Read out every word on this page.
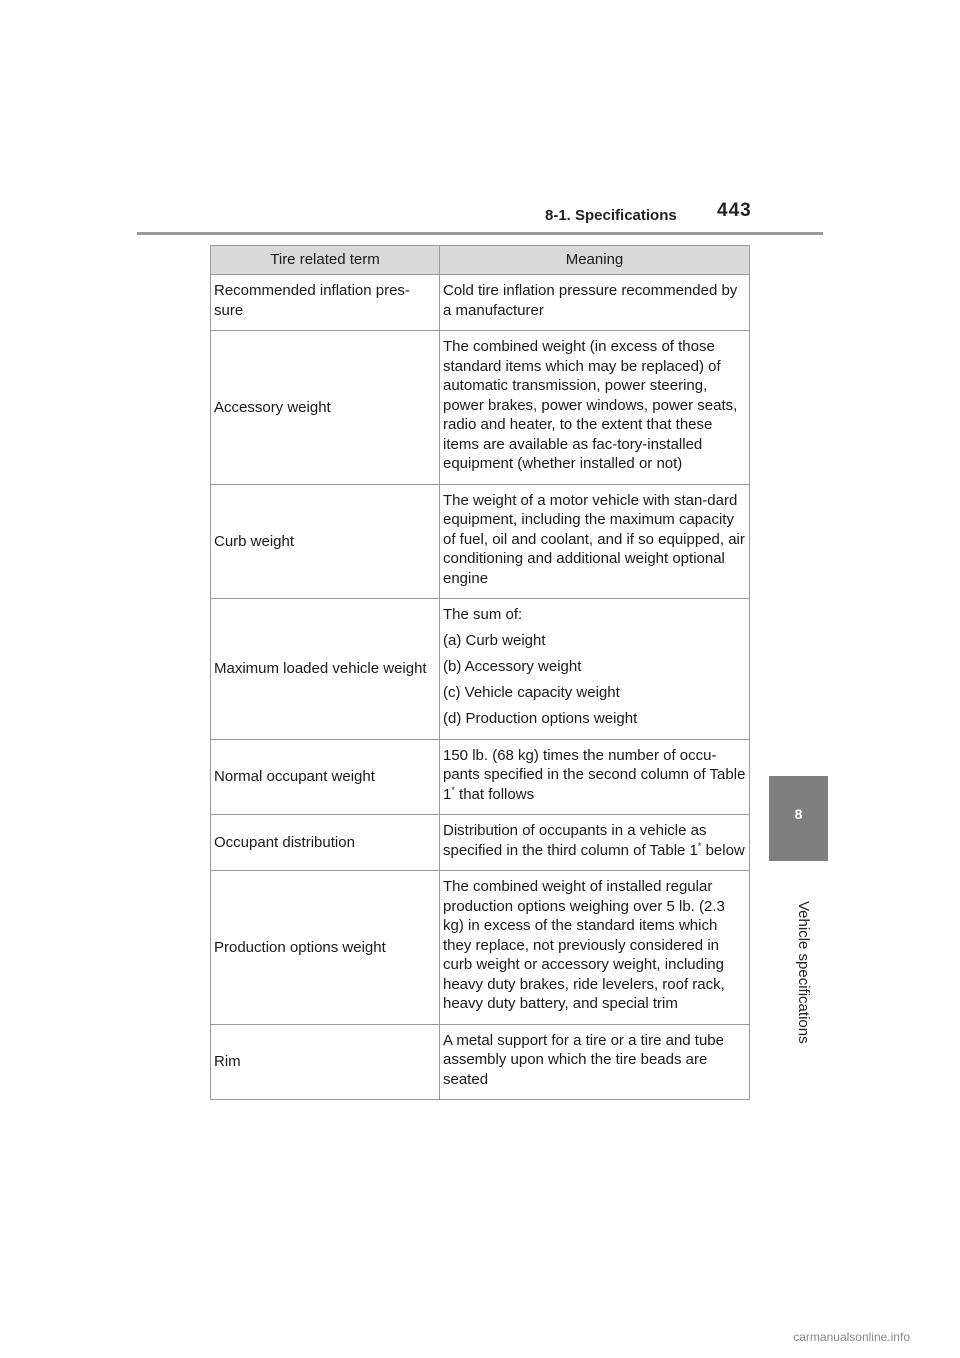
8-1. Specifications 443
8
Vehicle specifications
Tire related term	Meaning
Recommended inflation pres-
sure	Cold tire inflation pressure recommended by a manufacturer
Accessory weight	The combined weight (in excess of those standard items which may be replaced) of automatic transmission, power steering, power brakes, power windows, power seats, radio and heater, to the extent that these items are available as fac-tory-installed equipment (whether installed or not)
Curb weight	The weight of a motor vehicle with stan-dard equipment, including the maximum capacity of fuel, oil and coolant, and if so equipped, air conditioning and additional weight optional engine
Maximum loaded vehicle weight	The sum of:
(a) Curb weight
(b) Accessory weight
(c) Vehicle capacity weight
(d) Production options weight

Normal occupant weight	150 lb. (68 kg) times the number of occu-pants specified in the second column of Table 1* that follows
Occupant distribution	Distribution of occupants in a vehicle as specified in the third column of Table 1* below
Production options weight	The combined weight of installed regular production options weighing over 5 lb. (2.3 kg) in excess of the standard items which they replace, not previously considered in curb weight or accessory weight, including heavy duty brakes, ride levelers, roof rack, heavy duty battery, and special trim
Rim	A metal support for a tire or a tire and tube assembly upon which the tire beads are seated
carmanualsonline.info
